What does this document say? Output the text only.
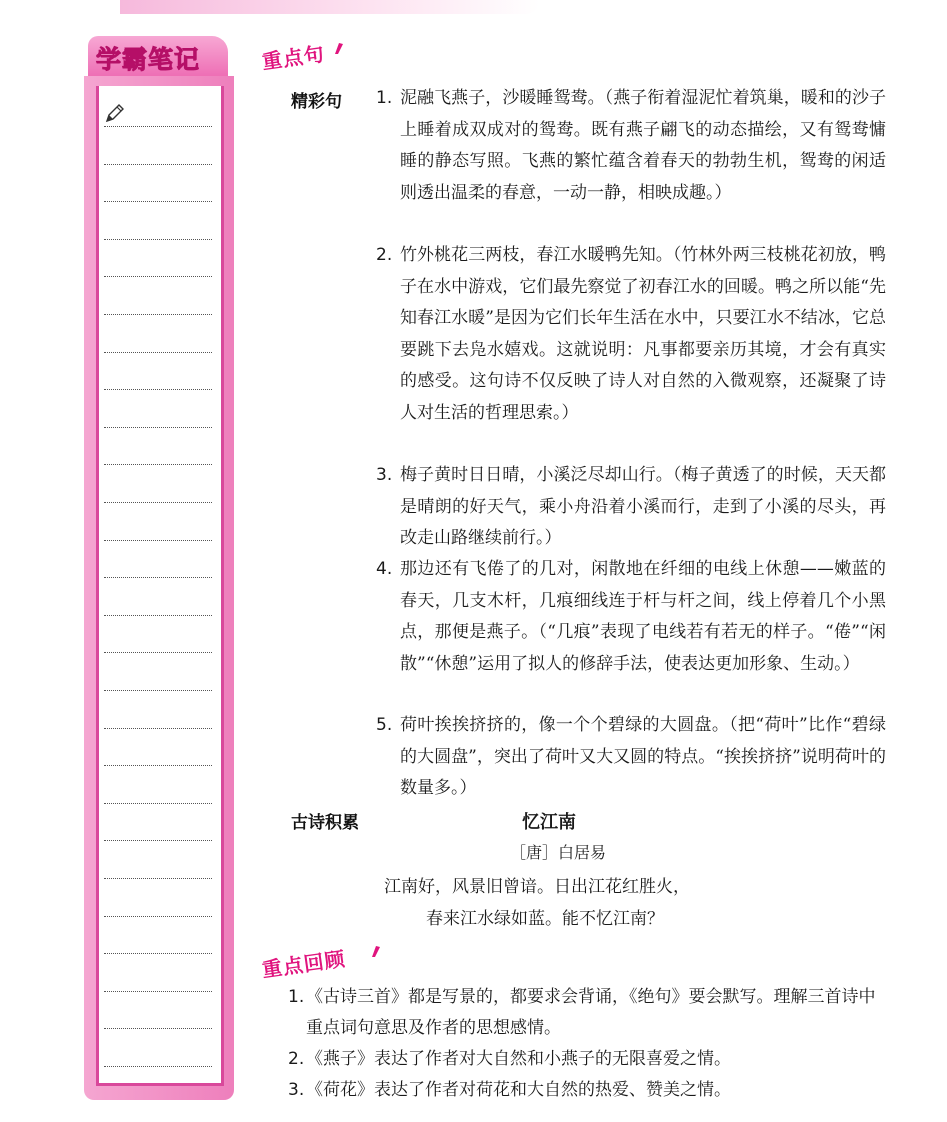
学霸笔记	重点句
精彩句 1. 泥融飞燕子，沙暖睡鸳鸯。（燕子衔着湿泥忙着筑巢，暖和的沙子上睡着成双成对的鸳鸯。既有燕子翩飞的动态描绘，又有鸳鸯慵睡的静态写照。飞燕的繁忙蕴含着春天的勃勃生机，鸳鸯的闲适则透出温柔的春意，一动一静，相映成趣。）
2. 竹外桃花三两枝，春江水暖鸭先知。（竹林外两三枝桃花初放，鸭子在水中游戏，它们最先察觉了初春江水的回暖。鸭之所以能“先知春江水暖”是因为它们长年生活在水中，只要江水不结冰，它总要跳下去凫水嬉戏。这就说明：凡事都要亲历其境，才会有真实的感受。这句诗不仅反映了诗人对自然的入微观察，还凝聚了诗人对生活的哲理思索。）
3. 梅子黄时日日晴，小溪泛尽却山行。（梅子黄透了的时候，天天都是晴朗的好天气，乘小舟沿着小溪而行，走到了小溪的尽头，再改走山路继续前行。）
4. 那边还有飞倦了的几对，闲散地在纤细的电线上休憩——嫩蓝的春天，几支木杆，几痕细线连于杆与杆之间，线上停着几个小黑点，那便是燕子。（“几痕”表现了电线若有若无的样子。“倦”“闲散”“休憩”运用了拟人的修辞手法，使表达更加形象、生动。）
5. 荷叶挨挨挤挤的，像一个个碧绿的大圆盘。（把“荷叶”比作“碧绿的大圆盘”，突出了荷叶又大又圆的特点。“挨挨挤挤”说明荷叶的数量多。）
古诗积累	忆江南
［唐］白居易
江南好，风景旧曾谙。日出江花红胜火，
春来江水绿如蓝。能不忆江南？
重点回顾
1. 《古诗三首》都是写景的，都要求会背诵，《绝句》要会默写。理解三首诗中重点词句意思及作者的思想感情。
2. 《燕子》表达了作者对大自然和小燕子的无限喜爱之情。
3. 《荷花》表达了作者对荷花和大自然的热爱、赞美之情。
